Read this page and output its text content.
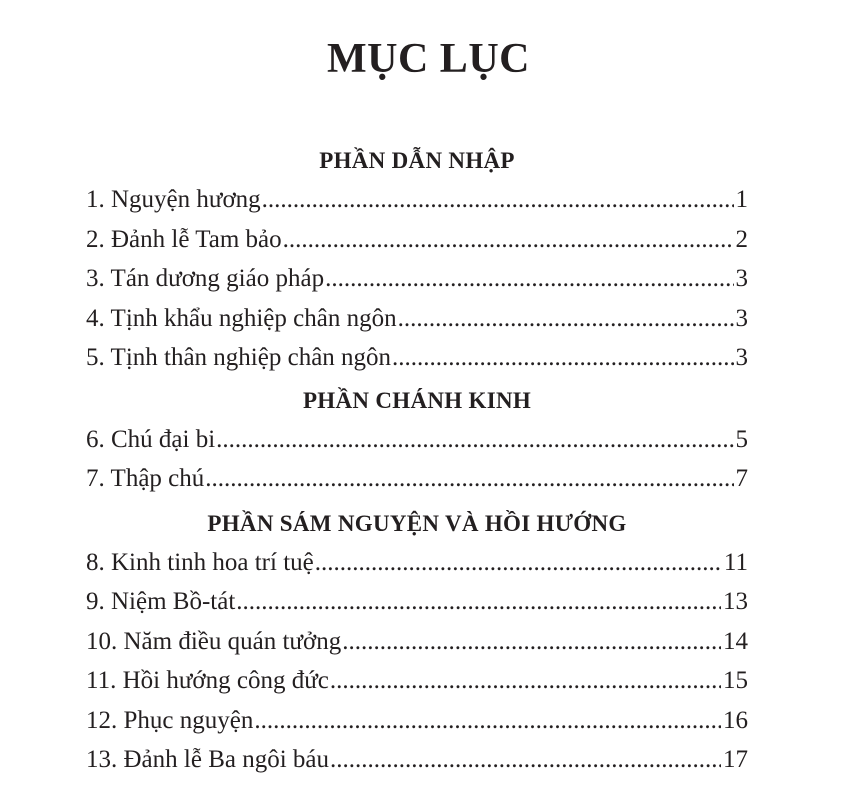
MỤC LỤC
PHẦN DẪN NHẬP
1. Nguyện hương .....	1
2. Đảnh lễ Tam bảo .....	2
3. Tán dương giáo pháp .....	3
4. Tịnh khẩu nghiệp chân ngôn .....	3
5. Tịnh thân nghiệp chân ngôn .....	3
PHẦN CHÁNH KINH
6. Chú đại bi .....	5
7. Thập chú .....	7
PHẦN SÁM NGUYỆN VÀ HỒI HƯỚNG
8. Kinh tinh hoa trí tuệ .....	11
9. Niệm Bồ-tát .....	13
10. Năm điều quán tưởng .....	14
11. Hồi hướng công đức .....	15
12. Phục nguyện .....	16
13. Đảnh lễ Ba ngôi báu .....	17
